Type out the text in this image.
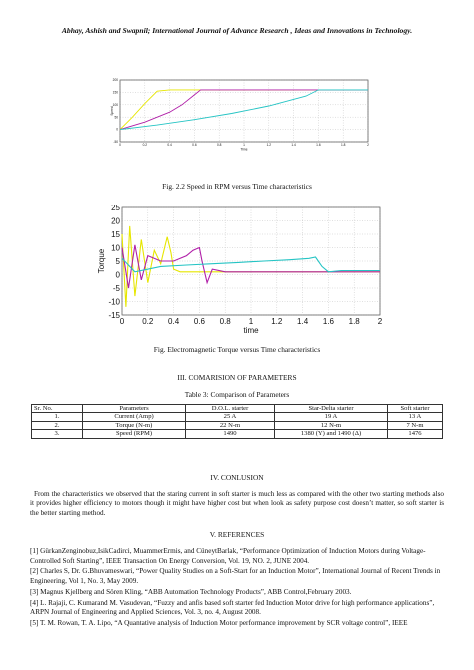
Abhay, Ashish and Swapnil; International Journal of Advance Research , Ideas and Innovations in Technology.
0	0.2	0.4	0.6	0.8	1	1.2	1.4	1.6	1.8	2
-50
0
50
100
150
200
Time
Speed
Fig. 2.2 Speed in RPM versus Time characteristics
0 0.2 0.4 0.6 0.8 1 1.2 1.4 1.6 1.8 2
-15
-10
-5
0
5
10
15
20
25
time
Torque
Fig. Electromagnetic Torque versus Time characteristics
III. COMARISION OF PARAMETERS
Table 3: Comparison of Parameters
Sr. No.	Parameters	D.O.L. starter	Star-Delta starter	Soft starter
1.	Current (Amp)	25 A	19 A	13 A
2.	Torque (N-m)	22 N-m	12 N-m	7 N-m
3.	Speed (RPM)	1490	1380 (Y) and 1490 (Δ)	1476
IV. CONLUSION
From the characteristics we observed that the staring current in soft starter is much less as compared with the other two starting methods also it provides higher efficiency to motors though it might have higher cost but when look as safety purpose cost doesn’t matter, so soft starter is the better starting method.
V. REFERENCES

[1] GürkanZenginobuz,IsikCadirci, MuammerErmis, and CüneytBarlak, “Performance Optimization of Induction Motors during Voltage-Controlled Soft Starting”, IEEE Transaction On Energy Conversion, Vol. 19, NO. 2, JUNE 2004.

[2] Charles S, Dr. G.Bhuvameswari, “Power Quality Studies on a Soft-Start for an Induction Motor”, International Journal of Recent Trends in Engineering, Vol 1, No. 3, May 2009.

[3] Magnus Kjellberg and Sören Kling, “ABB Automation Technology Products”, ABB Control,February 2003.

[4] L. Rajaji, C. Kumarand M. Vasudevan, “Fuzzy and anfis based soft starter fed Induction Motor drive for high performance applications”, ARPN Journal of Engineering and Applied Sciences, Vol. 3, no. 4, August 2008.

[5] T. M. Rowan, T. A. Lipo, “A Quantative analysis of Induction Motor performance improvement by SCR voltage control”, IEEE
